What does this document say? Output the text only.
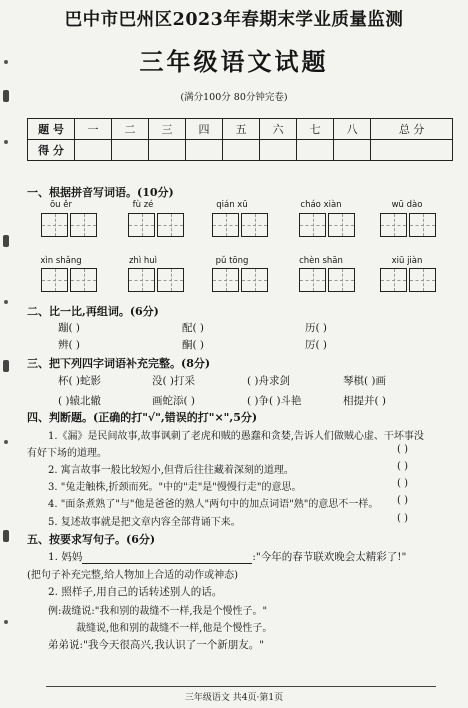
巴中市巴州区2023年春期末学业质量监测
三年级语文试题
(满分100分 80分钟完卷)
题 号	一	二	三	四	五	六	七	八	总 分
得 分									
一、根据拼音写词语。(10分)
ōu ěr	fù zé	qián xū	cháo xiàn	wū dào
xìn shǎng	zhì huì	pǔ tōng	chèn shān	xiū jiàn
二、比一比,再组词。(6分)
蹦( )	配( )	历( )
辨( )	酮( )	厉( )
三、把下列四字词语补充完整。(8分)
杯( )蛇影	没( )打采	( )舟求剑	琴棋( )画
( )辕北辙	画蛇添( )	( )争( )斗艳	相提并( )
四、判断题。(正确的打"√",错误的打"×",5分)
1.《漏》是民间故事,故事讽刺了老虎和贼的愚蠢和贪婪,告诉人们做贼心虚、干坏事没
有好下场的道理。	( )
2. 寓言故事一般比较短小,但背后往往藏着深刻的道理。	( )
3. "兔走触株,折颈而死。"中的"走"是"慢慢行走"的意思。	( )
4. "面条煮熟了"与"他是爸爸的熟人"两句中的加点词语"熟"的意思不一样。 ( )
5. 复述故事就是把文章内容全部背诵下来。	( )
五、按要求写句子。(6分)
1. 妈妈	:"今年的春节联欢晚会太精彩了!"
(把句子补充完整,给人物加上合适的动作或神态)
2. 照样子,用自己的话转述别人的话。
例:裁缝说:"我和别的裁缝不一样,我是个慢性子。"
裁缝说,他和别的裁缝不一样,他是个慢性子。
弟弟说:"我今天很高兴,我认识了一个新朋友。"
三年级语文 共4页·第1页
